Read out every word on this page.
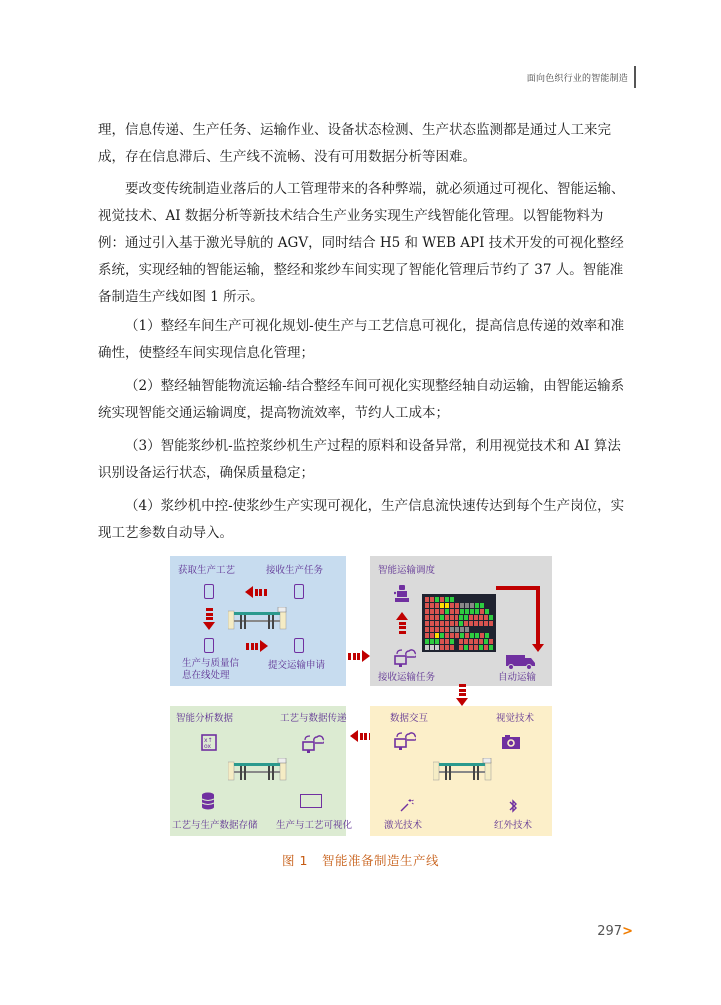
面向色织行业的智能制造

理，信息传递、生产任务、运输作业、设备状态检测、生产状态监测都是通过人工来完成，存在信息滞后、生产线不流畅、没有可用数据分析等困难。

要改变传统制造业落后的人工管理带来的各种弊端，就必须通过可视化、智能运输、视觉技术、AI 数据分析等新技术结合生产业务实现生产线智能化管理。以智能物料为例：通过引入基于激光导航的 AGV，同时结合 H5 和 WEB API 技术开发的可视化整经系统，实现经轴的智能运输，整经和浆纱车间实现了智能化管理后节约了 37 人。智能准备制造生产线如图 1 所示。

（1）整经车间生产可视化规划-使生产与工艺信息可视化，提高信息传递的效率和准确性，使整经车间实现信息化管理；

（2）整经轴智能物流运输-结合整经车间可视化实现整经轴自动运输，由智能运输系统实现智能交通运输调度，提高物流效率，节约人工成本；

（3）智能浆纱机-监控浆纱机生产过程的原料和设备异常，利用视觉技术和 AI 算法识别设备运行状态，确保质量稳定；

（4）浆纱机中控-使浆纱生产实现可视化，生产信息流快速传达到每个生产岗位，实现工艺参数自动导入。

获取生产工艺	接收生产任务
生产与质量信
息在线处理
提交运输申请
智能运输调度
接收运输任务	自动运输
智能分析数据	工艺与数据传递
x↑
ox
工艺与生产数据存储 生产与工艺可视化
数据交互	视觉技术
激光技术	红外技术
图 1 智能准备制造生产线
297>
